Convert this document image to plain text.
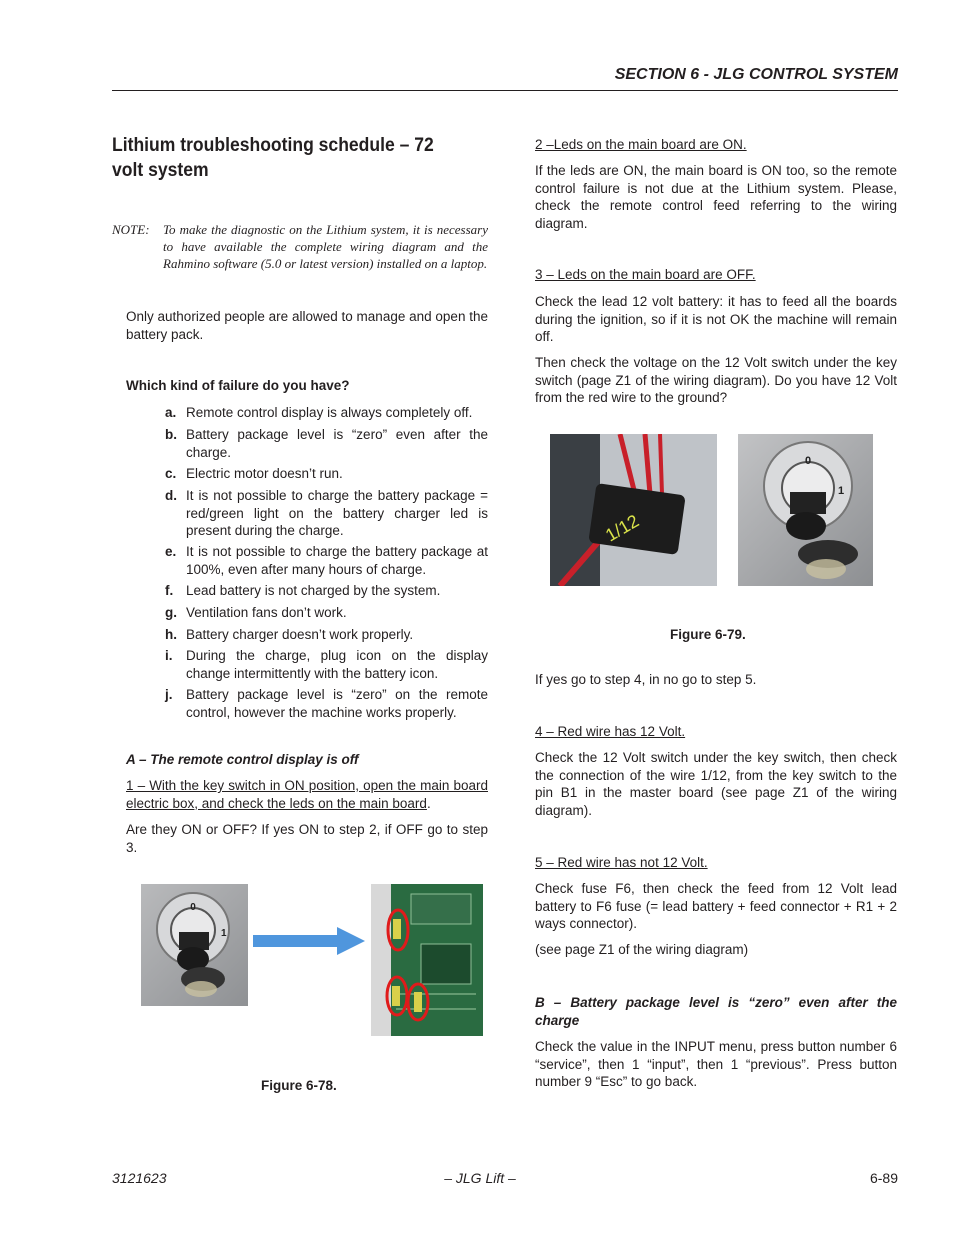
SECTION 6 - JLG CONTROL SYSTEM
Lithium troubleshooting schedule – 72 volt system
NOTE: To make the diagnostic on the Lithium system, it is necessary to have available the complete wiring diagram and the Rahmino software (5.0 or latest version) installed on a laptop.
Only authorized people are allowed to manage and open the battery pack.
Which kind of failure do you have?
a. Remote control display is always completely off.
b. Battery package level is “zero” even after the charge.
c. Electric motor doesn’t run.
d. It is not possible to charge the battery package = red/green light on the battery charger led is present during the charge.
e. It is not possible to charge the battery package at 100%, even after many hours of charge.
f. Lead battery is not charged by the system.
g. Ventilation fans don’t work.
h. Battery charger doesn’t work properly.
i. During the charge, plug icon on the display change intermittently with the battery icon.
j. Battery package level is “zero” on the remote control, however the machine works properly.
A – The remote control display is off
1 – With the key switch in ON position, open the main board electric box, and check the leds on the main board.
Are they ON or OFF? If yes ON to step 2, if OFF go to step 3.
0
1
Figure 6-78.
2 –Leds on the main board are ON.
If the leds are ON, the main board is ON too, so the remote control failure is not due at the Lithium system. Please, check the remote control feed referring to the wiring diagram.
3 – Leds on the main board are OFF.
Check the lead 12 volt battery: it has to feed all the boards during the ignition, so if it is not OK the machine will remain off.
Then check the voltage on the 12 Volt switch under the key switch (page Z1 of the wiring diagram). Do you have 12 Volt from the red wire to the ground?
1/12
0
1
Figure 6-79.
If yes go to step 4, in no go to step 5.
4 – Red wire has 12 Volt.
Check the 12 Volt switch under the key switch, then check the connection of the wire 1/12, from the key switch to the pin B1 in the master board (see page Z1 of the wiring diagram).
5 – Red wire has not 12 Volt.
Check fuse F6, then check the feed from 12 Volt lead battery to F6 fuse (= lead battery + feed connector + R1 + 2 ways connector).
(see page Z1 of the wiring diagram)
B – Battery package level is “zero” even after the charge
Check the value in the INPUT menu, press button number 6 “service”, then 1 “input”, then 1 “previous”. Press button number 9 “Esc” to go back.
3121623	– JLG Lift –	6-89
